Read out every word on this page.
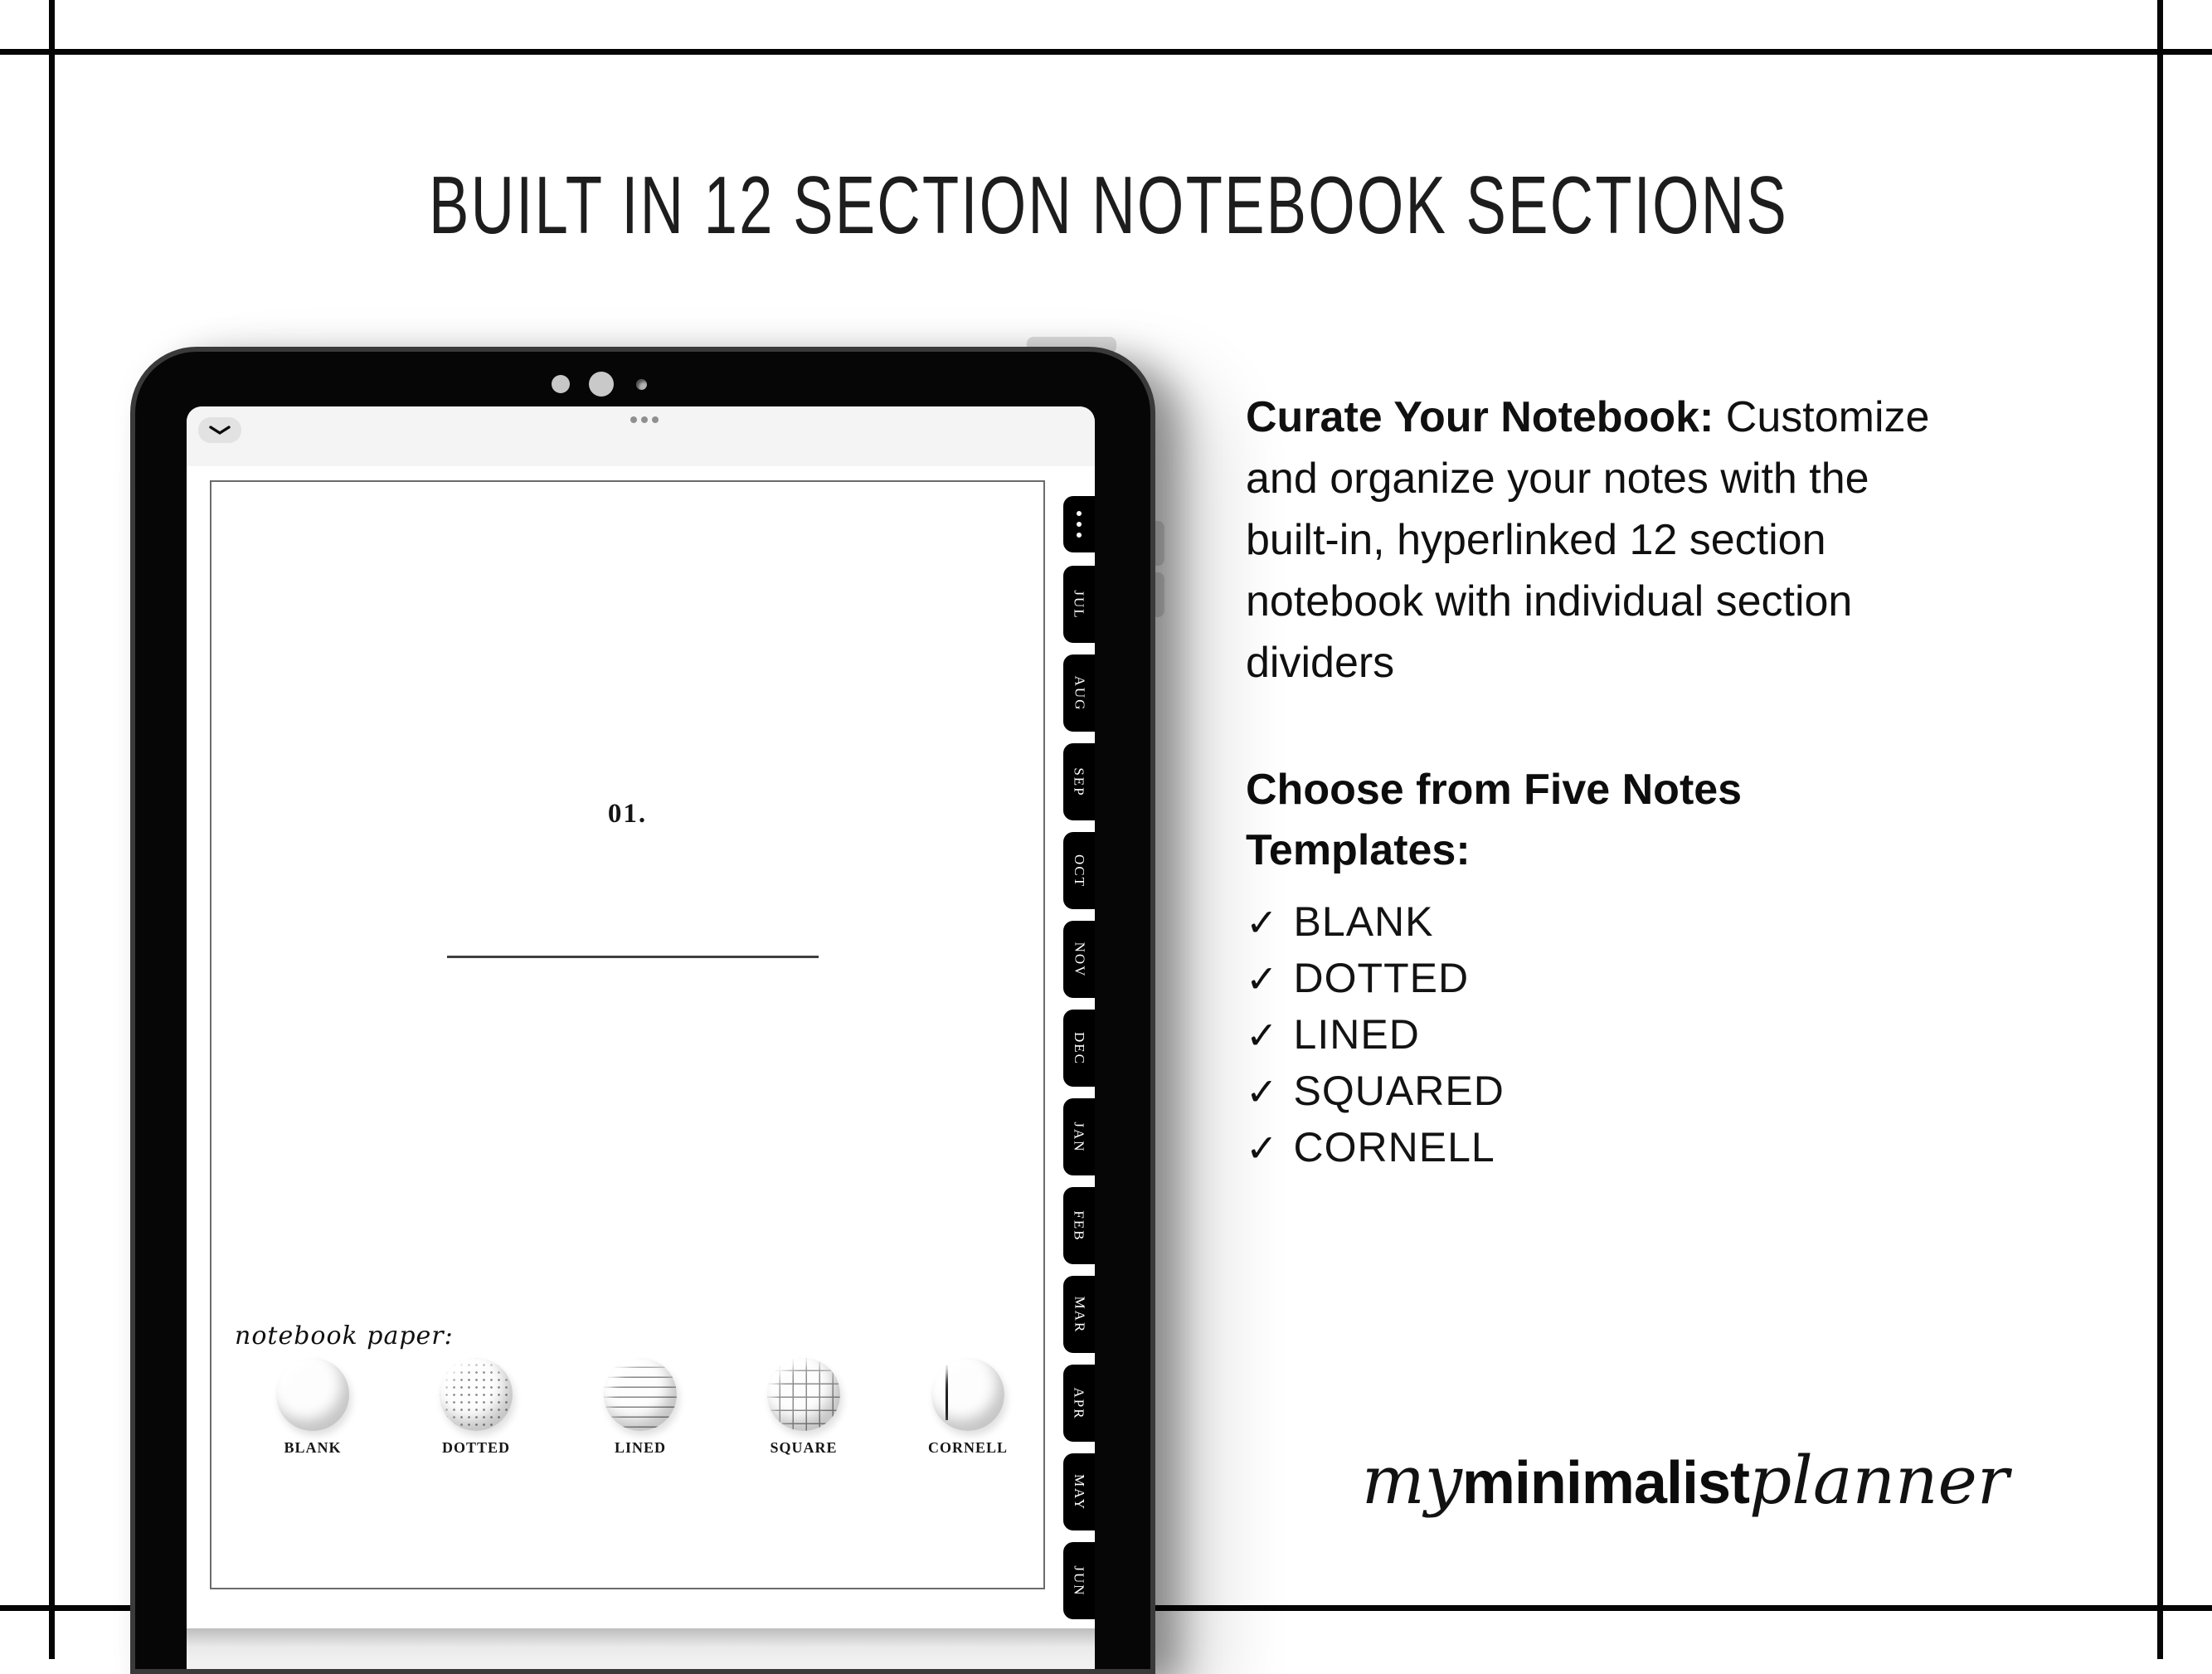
BUILT IN 12 SECTION NOTEBOOK SECTIONS
01.
notebook paper:
BLANK	DOTTED	LINED	SQUARE	CORNELL
JUL
AUG
SEP
OCT
NOV
DEC
JAN
FEB
MAR
APR
MAY
JUN

Curate Your Notebook: Customize
and organize your notes with the
built-in, hyperlinked 12 section
notebook with individual section
dividers

Choose from Five Notes
Templates:

✓ BLANK
✓ DOTTED
✓ LINED
✓ SQUARED
✓ CORNELL
myminimalistplanner
